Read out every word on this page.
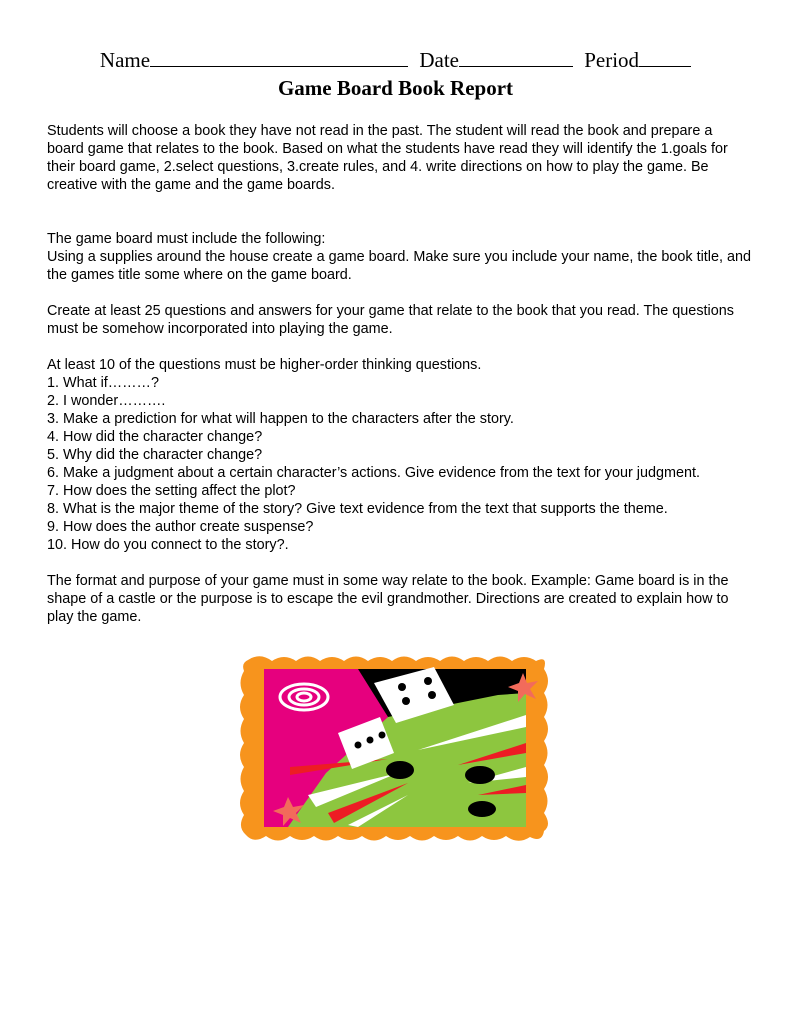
Name	Date	Period
Game Board Book Report

Students will choose a book they have not read in the past. The student will read the book and prepare a board game that relates to the book. Based on what the students have read they will identify the 1.goals for their board game, 2.select questions, 3.create rules, and 4. write directions on how to play the game. Be creative with the game and the game boards.

The game board must include the following:

Using a supplies around the house create a game board. Make sure you include your name, the book title, and the games title some where on the game board.

Create at least 25 questions and answers for your game that relate to the book that you read. The questions must be somehow incorporated into playing the game.

At least 10 of the questions must be higher-order thinking questions.

1. What if………?
2. I wonder……….
3. Make a prediction for what will happen to the characters after the story.
4. How did the character change?
5. Why did the character change?
6. Make a judgment about a certain character’s actions. Give evidence from the text for your judgment.
7. How does the setting affect the plot?
8. What is the major theme of the story? Give text evidence from the text that supports the theme.
9. How does the author create suspense?
10. How do you connect to the story?.

The format and purpose of your game must in some way relate to the book. Example: Game board is in the shape of a castle or the purpose is to escape the evil grandmother. Directions are created to explain how to play the game.
